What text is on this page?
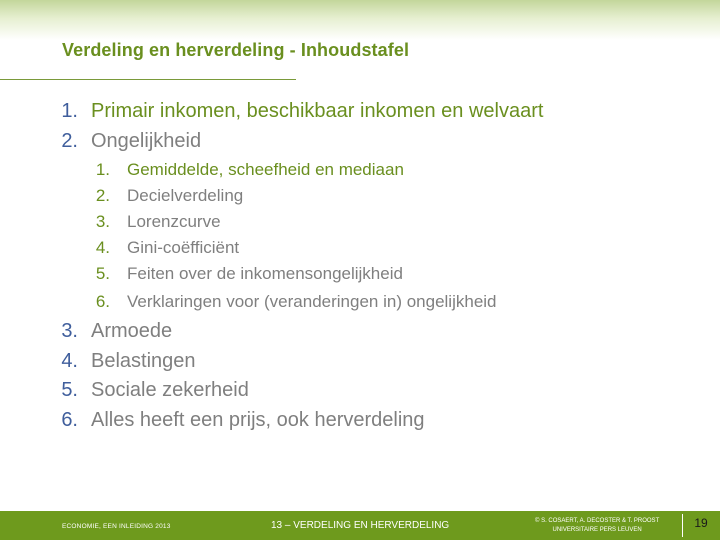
Verdeling en herverdeling - Inhoudstafel
1. Primair inkomen, beschikbaar inkomen en welvaart
2. Ongelijkheid
1. Gemiddelde, scheefheid en mediaan
2. Decielverdeling
3. Lorenzcurve
4. Gini-coëfficiënt
5. Feiten over de inkomensongelijkheid
6. Verklaringen voor (veranderingen in) ongelijkheid
3. Armoede
4. Belastingen
5. Sociale zekerheid
6. Alles heeft een prijs, ook herverdeling
ECONOMIE, EEN INLEIDING 2013	13 – VERDELING EN HERVERDELING	© S. COSAERT, A. DECOSTER & T. PROOST
UNIVERSITAIRE PERS LEUVEN	19
